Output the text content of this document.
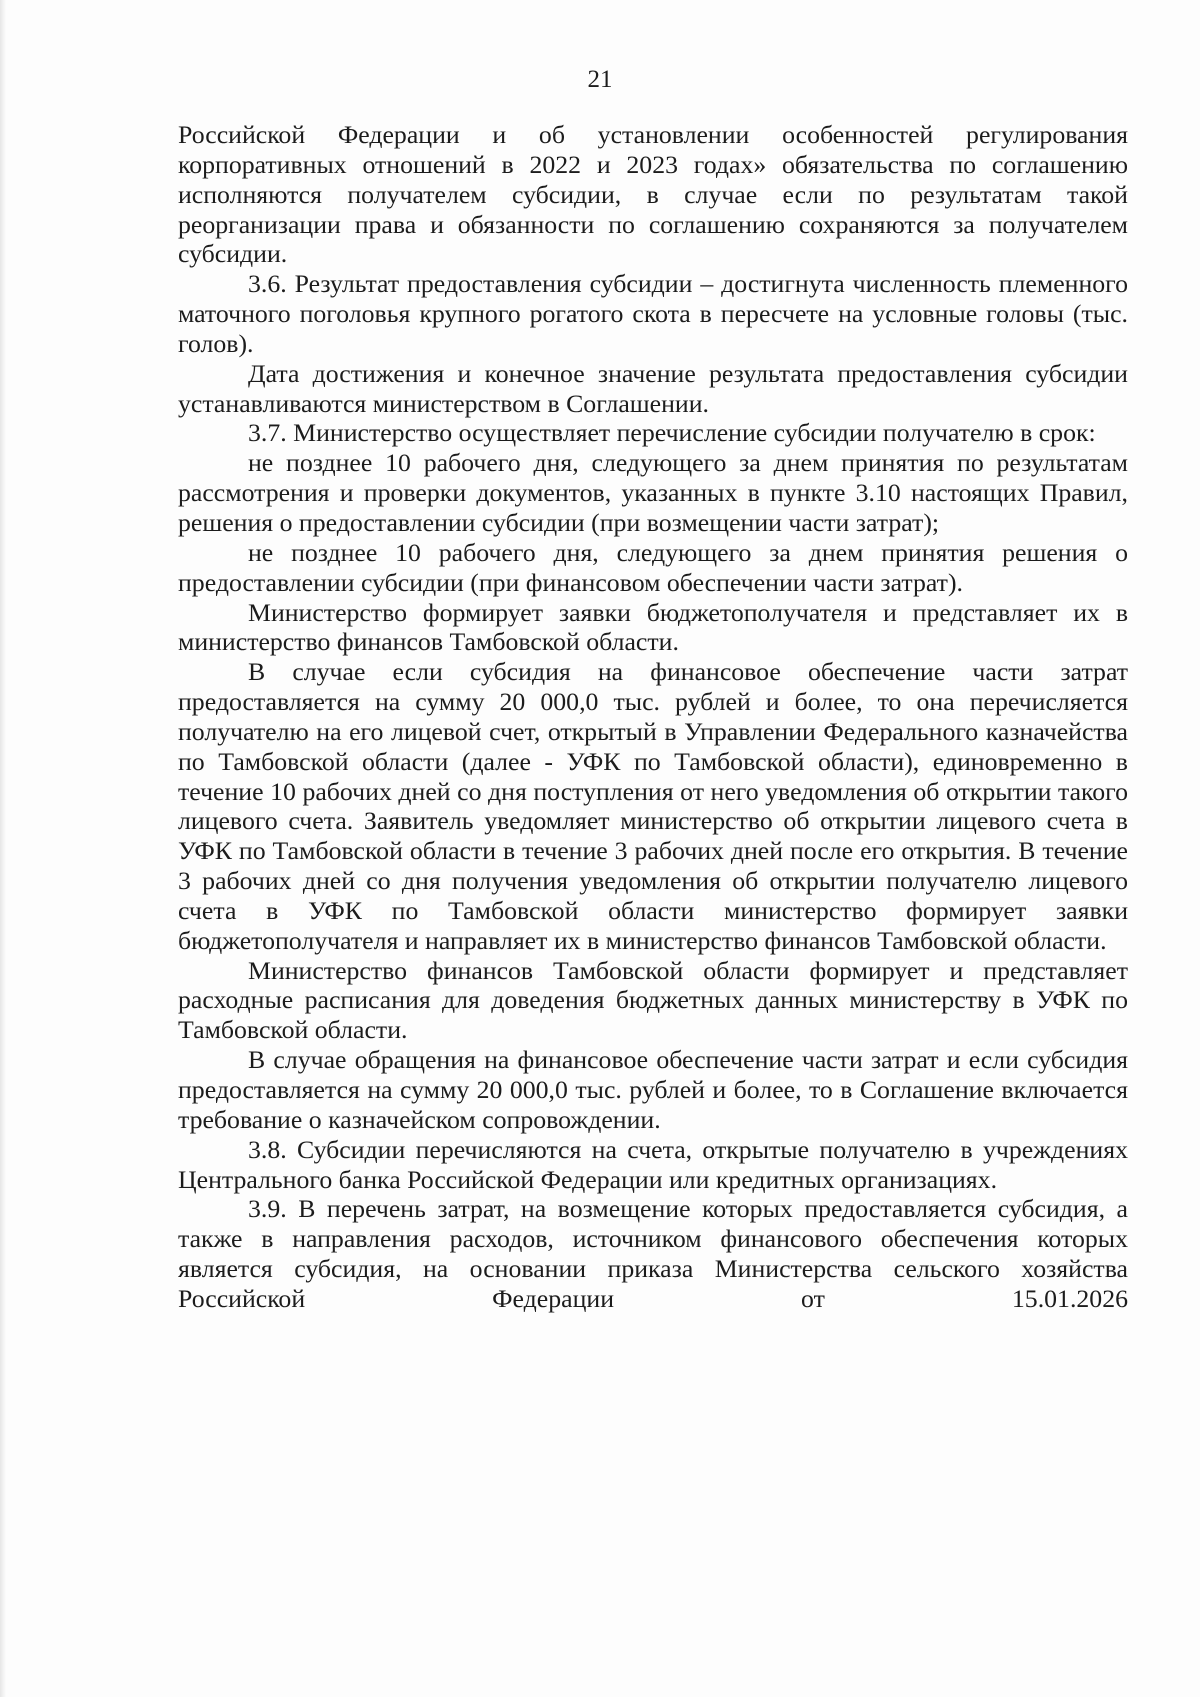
21

Российской Федерации и об установлении особенностей регулирования корпоративных отношений в 2022 и 2023 годах» обязательства по соглашению исполняются получателем субсидии, в случае если по результатам такой реорганизации права и обязанности по соглашению сохраняются за получателем субсидии.

3.6. Результат предоставления субсидии – достигнута численность племенного маточного поголовья крупного рогатого скота в пересчете на условные головы (тыс. голов).

Дата достижения и конечное значение результата предоставления субсидии устанавливаются министерством в Соглашении.

3.7. Министерство осуществляет перечисление субсидии получателю в срок:

не позднее 10 рабочего дня, следующего за днем принятия по результатам рассмотрения и проверки документов, указанных в пункте 3.10 настоящих Правил, решения о предоставлении субсидии (при возмещении части затрат);

не позднее 10 рабочего дня, следующего за днем принятия решения о предоставлении субсидии (при финансовом обеспечении части затрат).

Министерство формирует заявки бюджетополучателя и представляет их в министерство финансов Тамбовской области.

В случае если субсидия на финансовое обеспечение части затрат предоставляется на сумму 20 000,0 тыс. рублей и более, то она перечисляется получателю на его лицевой счет, открытый в Управлении Федерального казначейства по Тамбовской области (далее - УФК по Тамбовской области), единовременно в течение 10 рабочих дней со дня поступления от него уведомления об открытии такого лицевого счета. Заявитель уведомляет министерство об открытии лицевого счета в УФК по Тамбовской области в течение 3 рабочих дней после его открытия. В течение 3 рабочих дней со дня получения уведомления об открытии получателю лицевого счета в УФК по Тамбовской области министерство формирует заявки бюджетополучателя и направляет их в министерство финансов Тамбовской области.

Министерство финансов Тамбовской области формирует и представляет расходные расписания для доведения бюджетных данных министерству в УФК по Тамбовской области.

В случае обращения на финансовое обеспечение части затрат и если субсидия предоставляется на сумму 20 000,0 тыс. рублей и более, то в Соглашение включается требование о казначейском сопровождении.

3.8. Субсидии перечисляются на счета, открытые получателю в учреждениях Центрального банка Российской Федерации или кредитных организациях.

3.9. В перечень затрат, на возмещение которых предоставляется субсидия, а также в направления расходов, источником финансового обеспечения которых является субсидия, на основании приказа Министерства сельского хозяйства Российской Федерации от 15.01.2026
